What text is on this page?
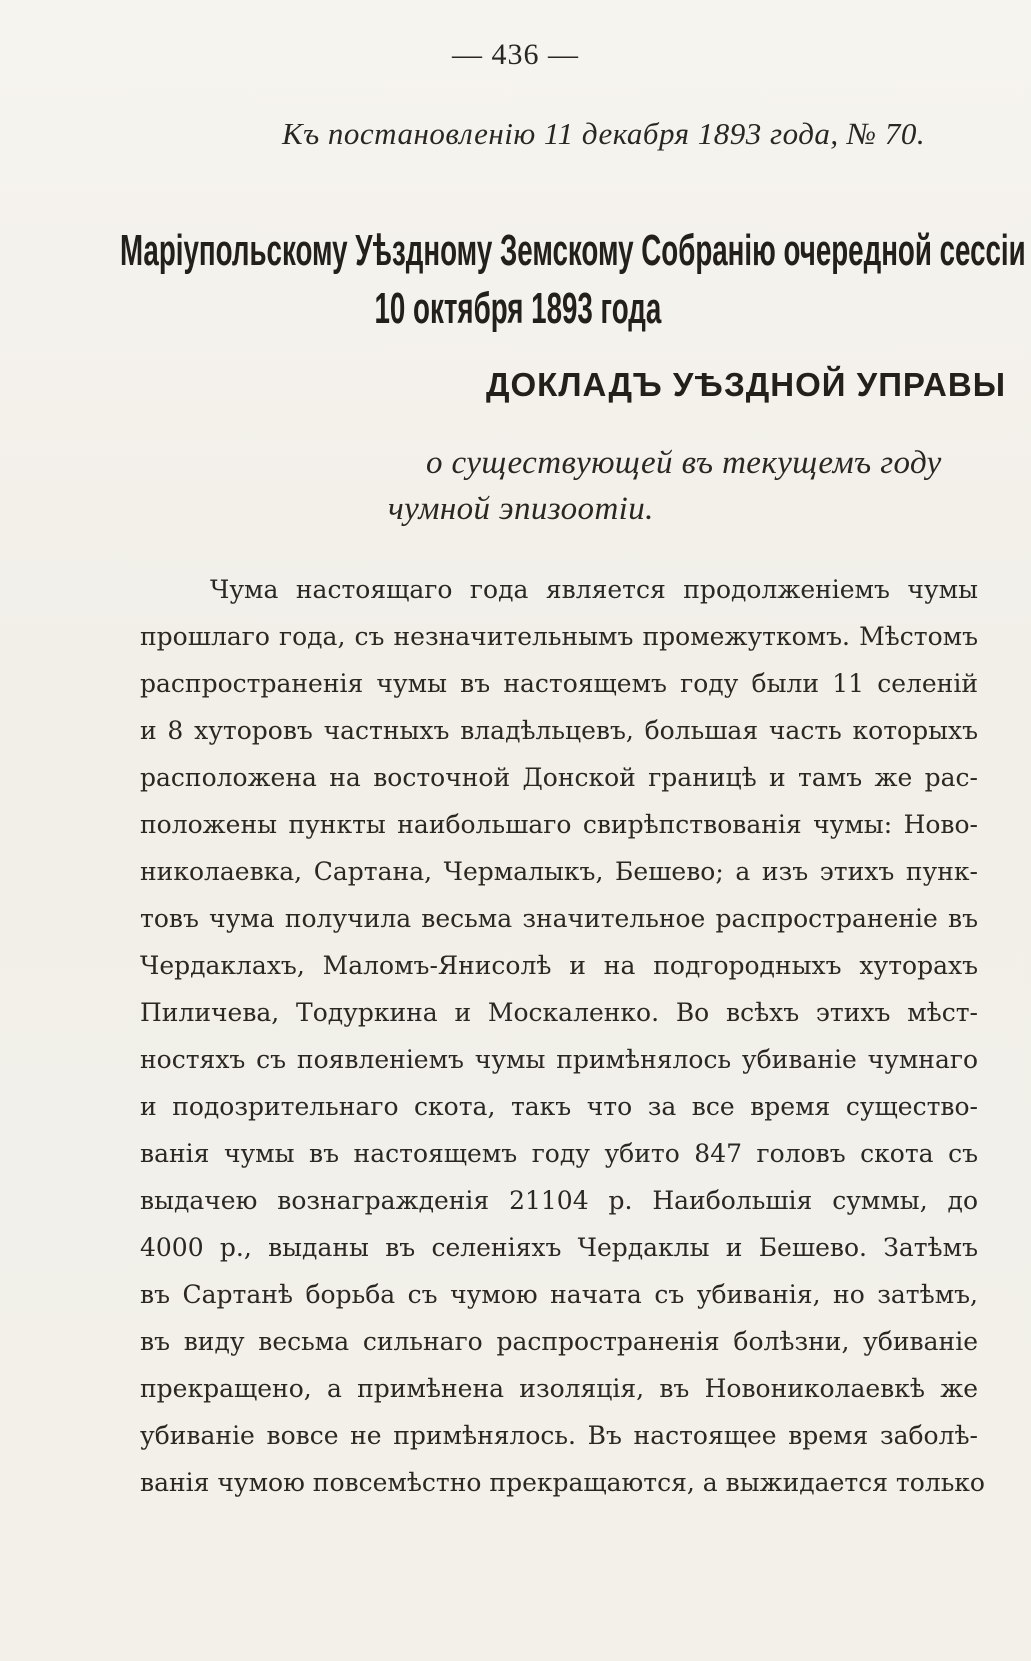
— 436 —
Къ постановленію 11 декабря 1893 года, № 70.
Маріупольскому Уѣздному Земскому Собранію очередной сессіи
10 октября 1893 года
ДОКЛАДЪ УѢЗДНОЙ УПРАВЫ
о существующей въ текущемъ году
чумной эпизоотіи.
Чума настоящаго года является продолженіемъ чумы
прошлаго года, съ незначительнымъ промежуткомъ. Мѣстомъ
распространенія чумы въ настоящемъ году были 11 селеній
и 8 хуторовъ частныхъ владѣльцевъ, большая часть которыхъ
расположена на восточной Донской границѣ и тамъ же рас-
положены пункты наибольшаго свирѣпствованія чумы: Ново-
николаевка, Сартана, Чермалыкъ, Бешево; а изъ этихъ пунк-
товъ чума получила весьма значительное распространеніе въ
Чердаклахъ, Маломъ-Янисолѣ и на подгородныхъ хуторахъ
Пиличева, Тодуркина и Москаленко. Во всѣхъ этихъ мѣст-
ностяхъ съ появленіемъ чумы примѣнялось убиваніе чумнаго
и подозрительнаго скота, такъ что за все время существо-
ванія чумы въ настоящемъ году убито 847 головъ скота съ
выдачею вознагражденія 21104 р. Наибольшія суммы, до
4000 р., выданы въ селеніяхъ Чердаклы и Бешево. Затѣмъ
въ Сартанѣ борьба съ чумою начата съ убиванія, но затѣмъ,
въ виду весьма сильнаго распространенія болѣзни, убиваніе
прекращено, а примѣнена изоляція, въ Новониколаевкѣ же
убиваніе вовсе не примѣнялось. Въ настоящее время заболѣ-
ванія чумою повсемѣстно прекращаются, а выжидается только
